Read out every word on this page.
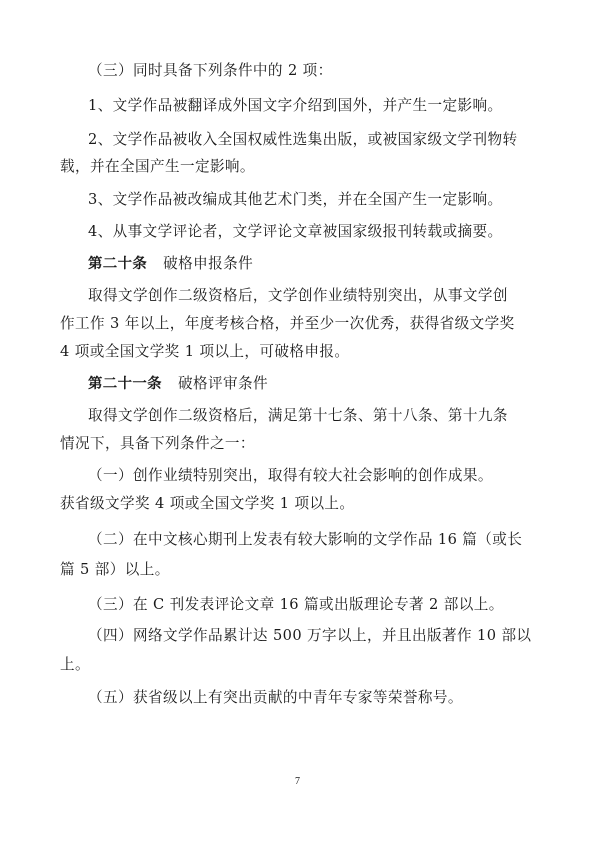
（三）同时具备下列条件中的 2 项：
1、文学作品被翻译成外国文字介绍到国外，并产生一定影响。
2、文学作品被收入全国权威性选集出版，或被国家级文学刊物转
载，并在全国产生一定影响。
3、文学作品被改编成其他艺术门类，并在全国产生一定影响。
4、从事文学评论者，文学评论文章被国家级报刊转载或摘要。
第二十条 破格申报条件
取得文学创作二级资格后，文学创作业绩特别突出，从事文学创
作工作 3 年以上，年度考核合格，并至少一次优秀，获得省级文学奖
4 项或全国文学奖 1 项以上，可破格申报。
第二十一条 破格评审条件
取得文学创作二级资格后，满足第十七条、第十八条、第十九条
情况下，具备下列条件之一：
（一）创作业绩特别突出，取得有较大社会影响的创作成果。
获省级文学奖 4 项或全国文学奖 1 项以上。
（二）在中文核心期刊上发表有较大影响的文学作品 16 篇（或长
篇 5 部）以上。
（三）在 C 刊发表评论文章 16 篇或出版理论专著 2 部以上。
（四）网络文学作品累计达 500 万字以上，并且出版著作 10 部以
上。
（五）获省级以上有突出贡献的中青年专家等荣誉称号。
7
